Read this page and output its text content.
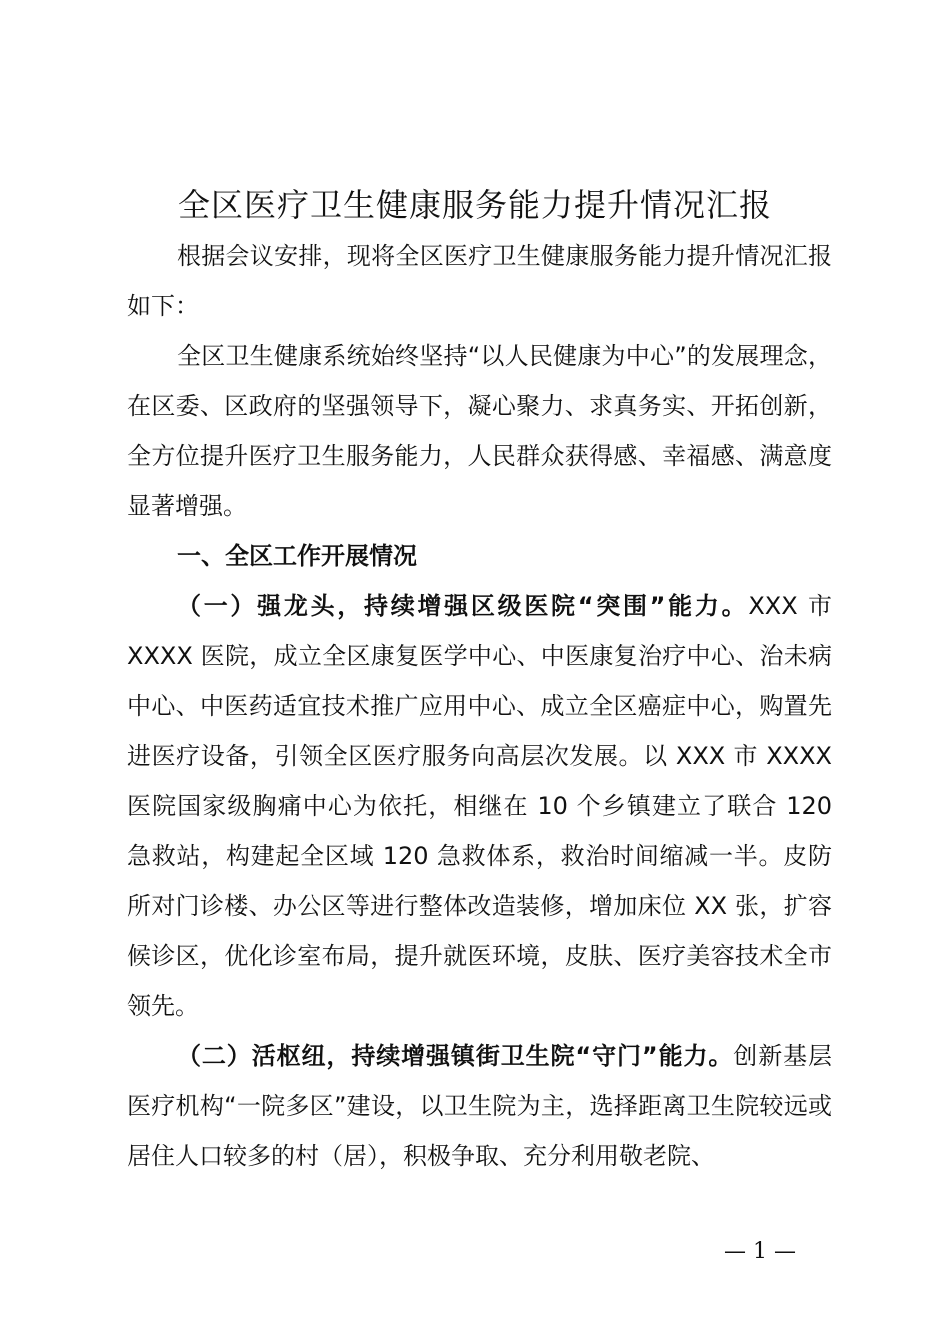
全区医疗卫生健康服务能力提升情况汇报

根据会议安排，现将全区医疗卫生健康服务能力提升情况汇报如下：

全区卫生健康系统始终坚持“以人民健康为中心”的发展理念，在区委、区政府的坚强领导下，凝心聚力、求真务实、开拓创新，全方位提升医疗卫生服务能力，人民群众获得感、幸福感、满意度显著增强。

一、全区工作开展情况

（一）强龙头，持续增强区级医院“突围”能力。XXX 市 XXXX 医院，成立全区康复医学中心、中医康复治疗中心、治未病中心、中医药适宜技术推广应用中心、成立全区癌症中心，购置先进医疗设备，引领全区医疗服务向高层次发展。以 XXX 市 XXXX 医院国家级胸痛中心为依托，相继在 10 个乡镇建立了联合 120 急救站，构建起全区域 120 急救体系，救治时间缩减一半。皮防所对门诊楼、办公区等进行整体改造装修，增加床位 XX 张，扩容候诊区，优化诊室布局，提升就医环境，皮肤、医疗美容技术全市领先。

（二）活枢纽，持续增强镇街卫生院“守门”能力。创新基层医疗机构“一院多区”建设，以卫生院为主，选择距离卫生院较远或居住人口较多的村（居），积极争取、充分利用敬老院、

— 1 —
